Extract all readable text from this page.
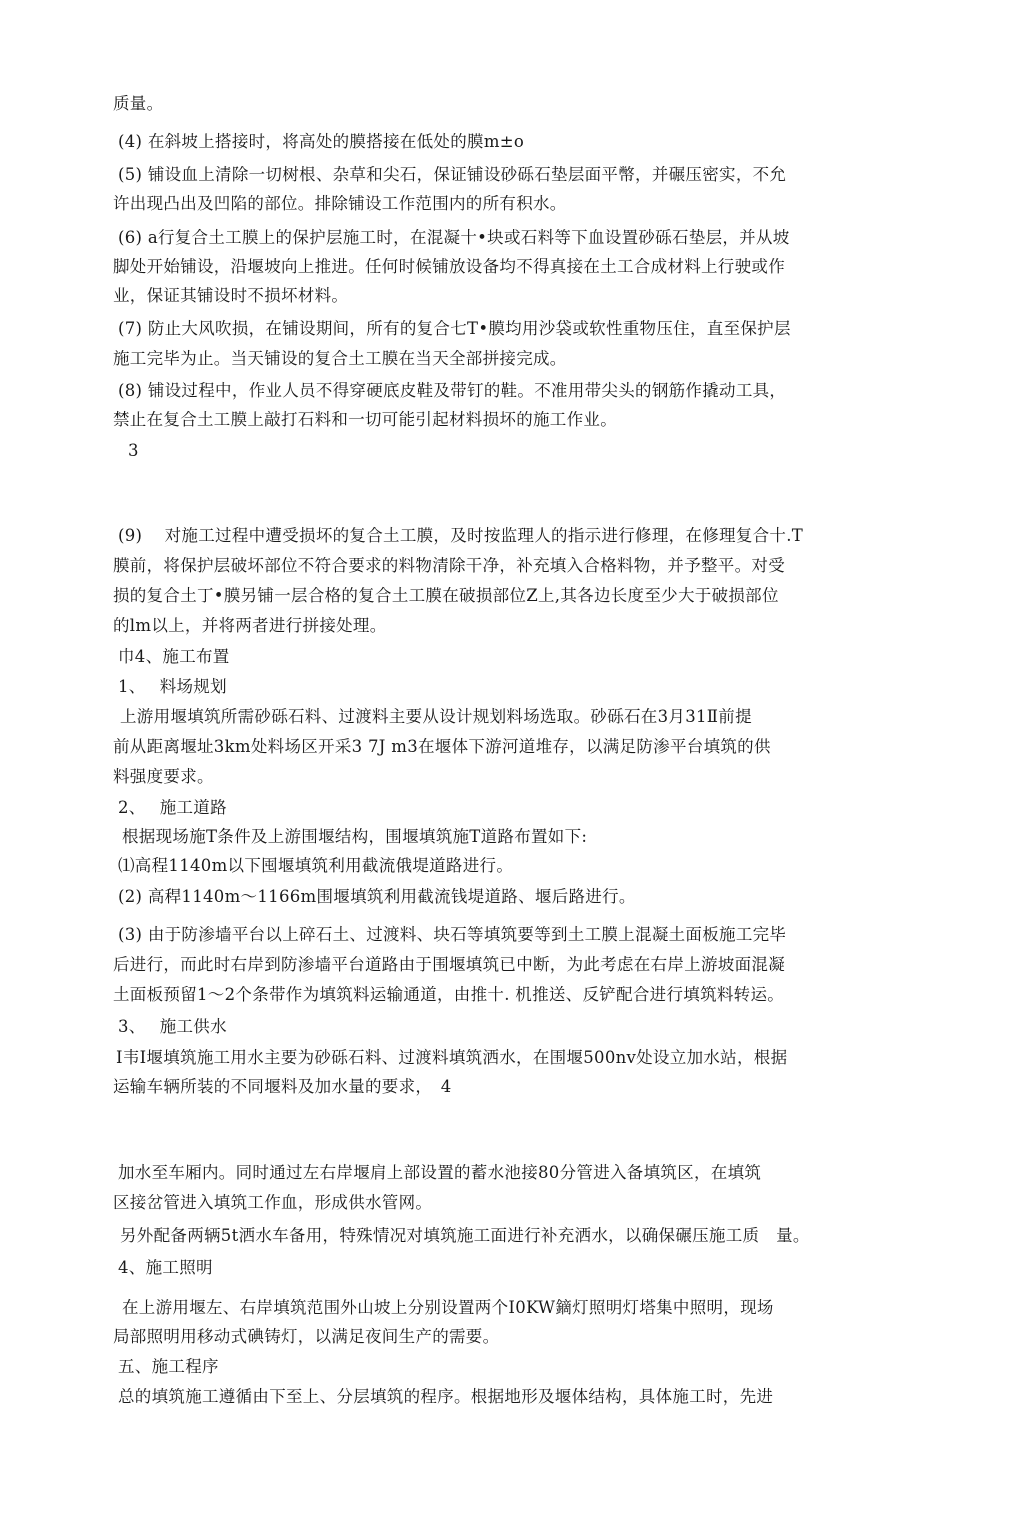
质量。
(4) 在斜坡上搭接时，将高处的膜搭接在低处的膜m±o
(5) 铺设血上清除一切树根、杂草和尖石，保证铺设砂砾石垫层面平幣，并碾压密实，不允
许出现凸出及凹陷的部位。排除铺设工作范围内的所有积水。
(6) a行复合土工膜上的保护层施工时，在混凝十•块或石料等下血设置砂砾石垫层，并从坡
脚处开始铺设，沿堰坡向上推进。任何时候铺放设备均不得真接在土工合成材料上行驶或作
业，保证其铺设时不损坏材料。
(7) 防止大风吹损，在铺设期间，所有的复合七T•膜均用沙袋或软性重物压住，直至保护层
施工完毕为止。当天铺设的复合土工膜在当天全部拼接完成。
(8) 铺设过程中，作业人员不得穿硬底皮鞋及带钉的鞋。不准用带尖头的钢筋作撬动工具，
禁止在复合土工膜上敲打石料和一切可能引起材料损坏的施工作业。
3
(9)　 对施工过程中遭受损坏的复合土工膜，及时按监理人的指示进行修理，在修理复合十.T
膜前，将保护层破坏部位不符合要求的料物清除干净，补充填入合格料物，并予整平。对受
损的复合土丁•膜另铺一层合格的复合土工膜在破损部位Z上,其各边长度至少大于破损部位
的lm以上，并将两者进行拼接处理。
巾4、施工布置
1、　 料场规划
上游用堰填筑所需砂砾石料、过渡料主要从设计规划料场选取。砂砾石在3月31Ⅱ前提
前从距离堰址3km处料场区开采3 7J m3在堰体下游河道堆存，以满足防渗平台填筑的供
料强度要求。
2、　 施工道路
根据现场施T条件及上游围堰结构，围堰填筑施T道路布置如下:
⑴高程1140m以下囤堰填筑利用截流俄堤道路进行。
(2) 高稈1140m～1166m围堰填筑利用截流钱堤道路、堰后路进行。
(3) 由于防渗墙平台以上碎石土、过渡料、块石等填筑要等到土工膜上混凝土面板施工完毕
后进行，而此时右岸到防渗墙平台道路由于围堰填筑已中断，为此考虑在右岸上游坡面混凝
土面板预留1～2个条带作为填筑料运输通道，由推十. 机推送、反铲配合进行填筑料转运。
3、　 施工供水
I韦I堰填筑施工用水主要为砂砾石料、过渡料填筑洒水，在围堰500nv处设立加水站，根据
运输车辆所装的不同堰料及加水量的要求，　4
加水至车厢内。同时通过左右岸堰肩上部设置的蓄水池接80分管进入备填筑区，在填筑
区接岔管进入填筑工作血，形成供水管网。
另外配备两辆5t洒水车备用，特殊情况对填筑施工面进行补充洒水，以确保碾压施工质　量。
4、施工照明
在上游用堰左、右岸填筑范围外山坡上分别设置两个I0KW鏑灯照明灯塔集中照明，现场
局部照明用移动式碘铸灯，以满足夜间生产的需要。
五、施工程序
总的填筑施工遵循由下至上、分层填筑的程序。根据地形及堰体结构，具体施工时，先进
